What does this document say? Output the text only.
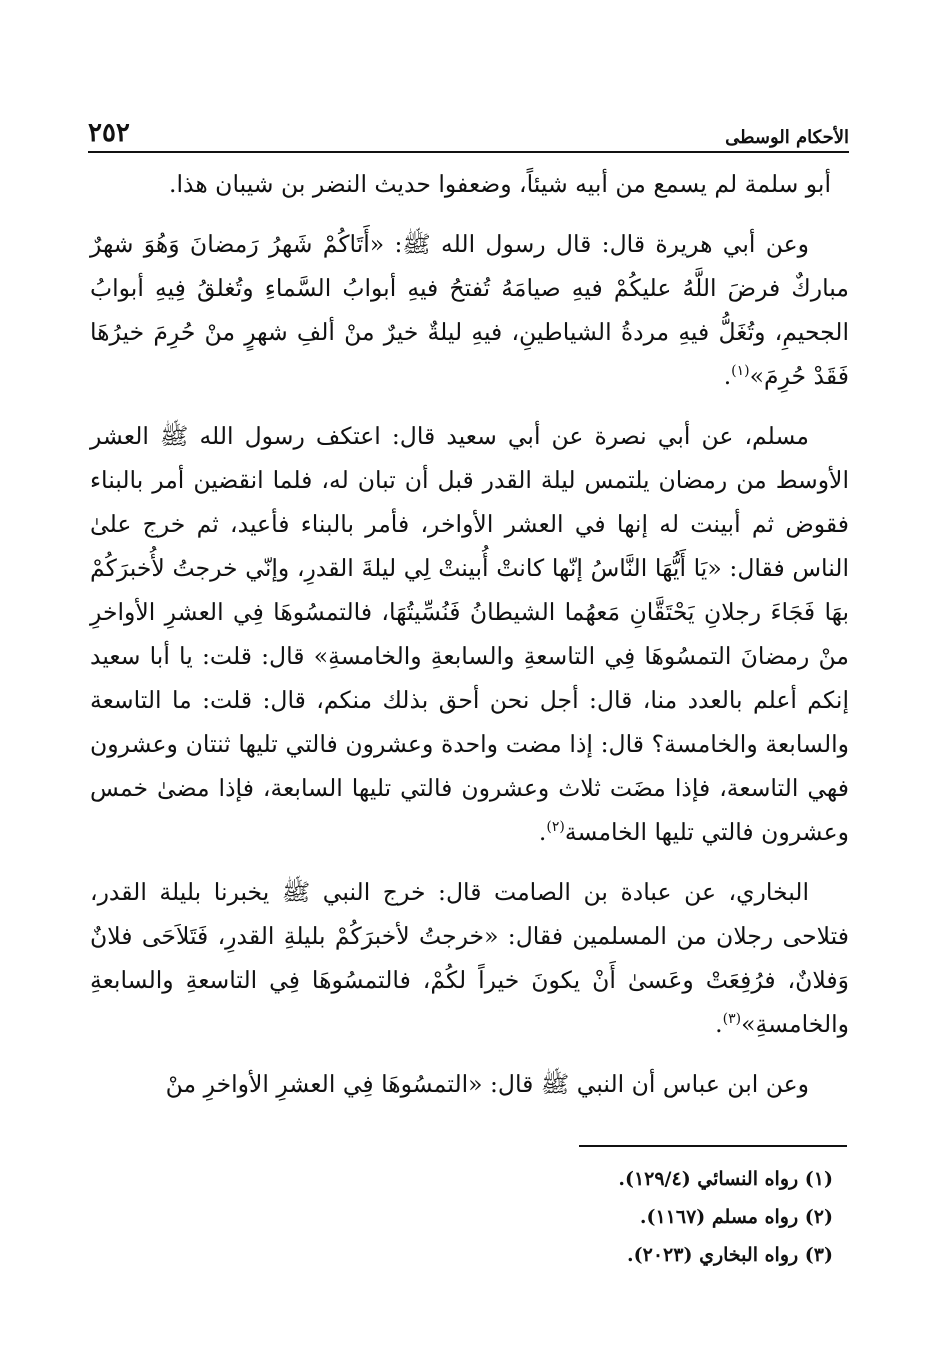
٢٥٢	الأحكام الوسطى

أبو سلمة لم يسمع من أبيه شيئاً، وضعفوا حديث النضر بن شيبان هذا.

وعن أبي هريرة قال: قال رسول الله ﷺ: «أَتَاكُمْ شَهرُ رَمضانَ وَهُوَ شهرٌ مباركٌ فرضَ اللَّهُ عليكُمْ فيهِ صيامَهُ تُفتحُ فيهِ أبوابُ السَّماءِ وتُغلقُ فِيهِ أبوابُ الجحيمِ، وتُغَلُّ فيهِ مردةُ الشياطينِ، فيهِ ليلةٌ خيرٌ منْ ألفِ شهرٍ منْ حُرِمَ خيرُهَا فَقَدْ حُرِمَ»$^{(١)}$.

مسلم، عن أبي نصرة عن أبي سعيد قال: اعتكف رسول الله ﷺ العشر الأوسط من رمضان يلتمس ليلة القدر قبل أن تبان له، فلما انقضين أمر بالبناء فقوض ثم أبينت له إنها في العشر الأواخر، فأمر بالبناء فأعيد، ثم خرج علىٰ الناس فقال: «يَا أَيُّهَا النَّاسُ إنّها كانتْ أُبينتْ لِي ليلةَ القدرِ، وإنّي خرجتُ لأُخبرَكُمْ بهَا فَجَاءَ رجلانِ يَحْتَقَّانِ مَعهُما الشيطانُ فَنُسِّيتُهَا، فالتمسُوهَا فِي العشرِ الأواخرِ منْ رمضانَ التمسُوهَا فِي التاسعةِ والسابعةِ والخامسةِ» قال: قلت: يا أبا سعيد إنكم أعلم بالعدد منا، قال: أجل نحن أحق بذلك منكم، قال: قلت: ما التاسعة والسابعة والخامسة؟ قال: إذا مضت واحدة وعشرون فالتي تليها ثنتان وعشرون فهي التاسعة، فإذا مضَت ثلاث وعشرون فالتي تليها السابعة، فإذا مضىٰ خمس وعشرون فالتي تليها الخامسة$^{(٢)}$.

البخاري، عن عبادة بن الصامت قال: خرج النبي ﷺ يخبرنا بليلة القدر، فتلاحى رجلان من المسلمين فقال: «خرجتُ لأخبرَكُمْ بليلةِ القدرِ، فَتَلاَحَى فلانٌ وَفلانٌ، فرُفِعَتْ وعَسىٰ أَنْ يكونَ خيراً لكُمْ، فالتمسُوهَا فِي التاسعةِ والسابعةِ والخامسةِ»$^{(٣)}$.

وعن ابن عباس أن النبي ﷺ قال: «التمسُوهَا فِي العشرِ الأواخرِ منْ

(١) رواه النسائي (١٢٩/٤).
(٢) رواه مسلم (١١٦٧).
(٣) رواه البخاري (٢٠٢٣).
